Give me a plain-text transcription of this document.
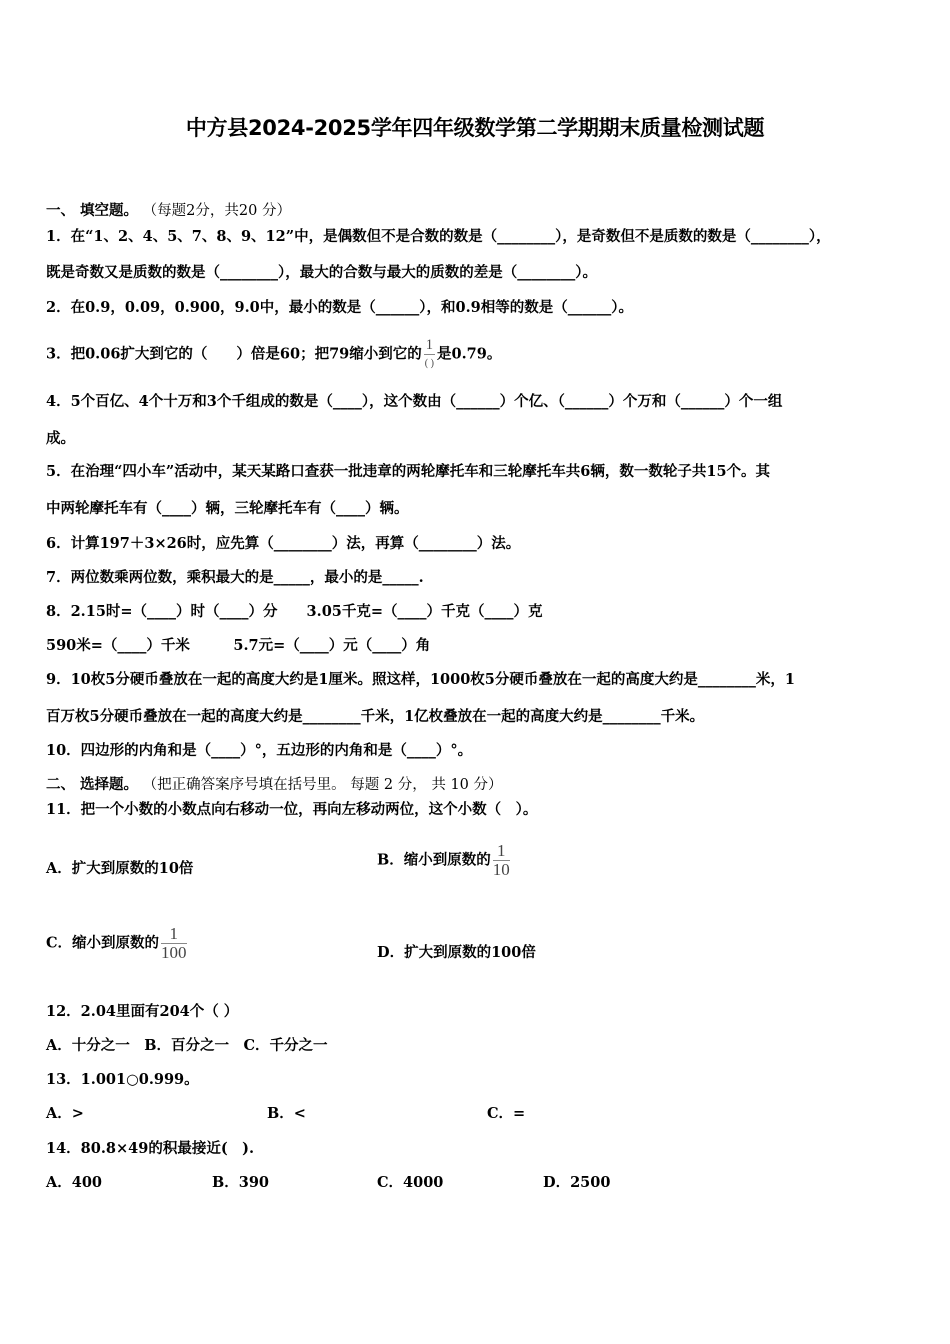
中方县2024-2025学年四年级数学第二学期期末质量检测试题
一、 填空题。 （每题2分，共20 分）
1．在“1、2、4、5、7、8、9、12”中，是偶数但不是合数的数是（________），是奇数但不是质数的数是（________），
既是奇数又是质数的数是（________），最大的合数与最大的质数的差是（________）。
2．在0.9，0.09，0.900，9.0中，最小的数是（______），和0.9相等的数是（______）。
3．把0.06扩大到它的（　　）倍是60；把79缩小到它的 $\frac{1}{( )}$ 是0.79。
4．5个百亿、4个十万和3个千组成的数是（____），这个数由（______）个亿、（______）个万和（______）个一组
成。
5．在治理“四小车”活动中，某天某路口查获一批违章的两轮摩托车和三轮摩托车共6辆，数一数轮子共15个。其
中两轮摩托车有（____）辆，三轮摩托车有（____）辆。
6．计算197＋3×26时，应先算（________）法，再算（________）法。
7．两位数乘两位数，乘积最大的是_____，最小的是_____.
8．2.15时=（____）时（____）分　　3.05千克=（____）千克（____）克
590米=（____）千米　　　5.7元=（____）元（____）角
9．10枚5分硬币叠放在一起的高度大约是1厘米。照这样，1000枚5分硬币叠放在一起的高度大约是________米，1
百万枚5分硬币叠放在一起的高度大约是________千米，1亿枚叠放在一起的高度大约是________千米。
10．四边形的内角和是（____）°，五边形的内角和是（____）°。
二、 选择题。 （把正确答案序号填在括号里。 每题 2 分， 共 10 分）
11．把一个小数的小数点向右移动一位，再向左移动两位，这个小数（　）。
A．扩大到原数的10倍	B．缩小到原数的 $\frac{1}{10}$
C．缩小到原数的 $\frac{1}{100}$	D．扩大到原数的100倍
12．2.04里面有204个（ ）
A．十分之一　B．百分之一　C．千分之一
13．1.001○0.999。
A．>	B．<	C．=
14．80.8×49的积最接近(　).
A．400	B．390	C．4000	D．2500
